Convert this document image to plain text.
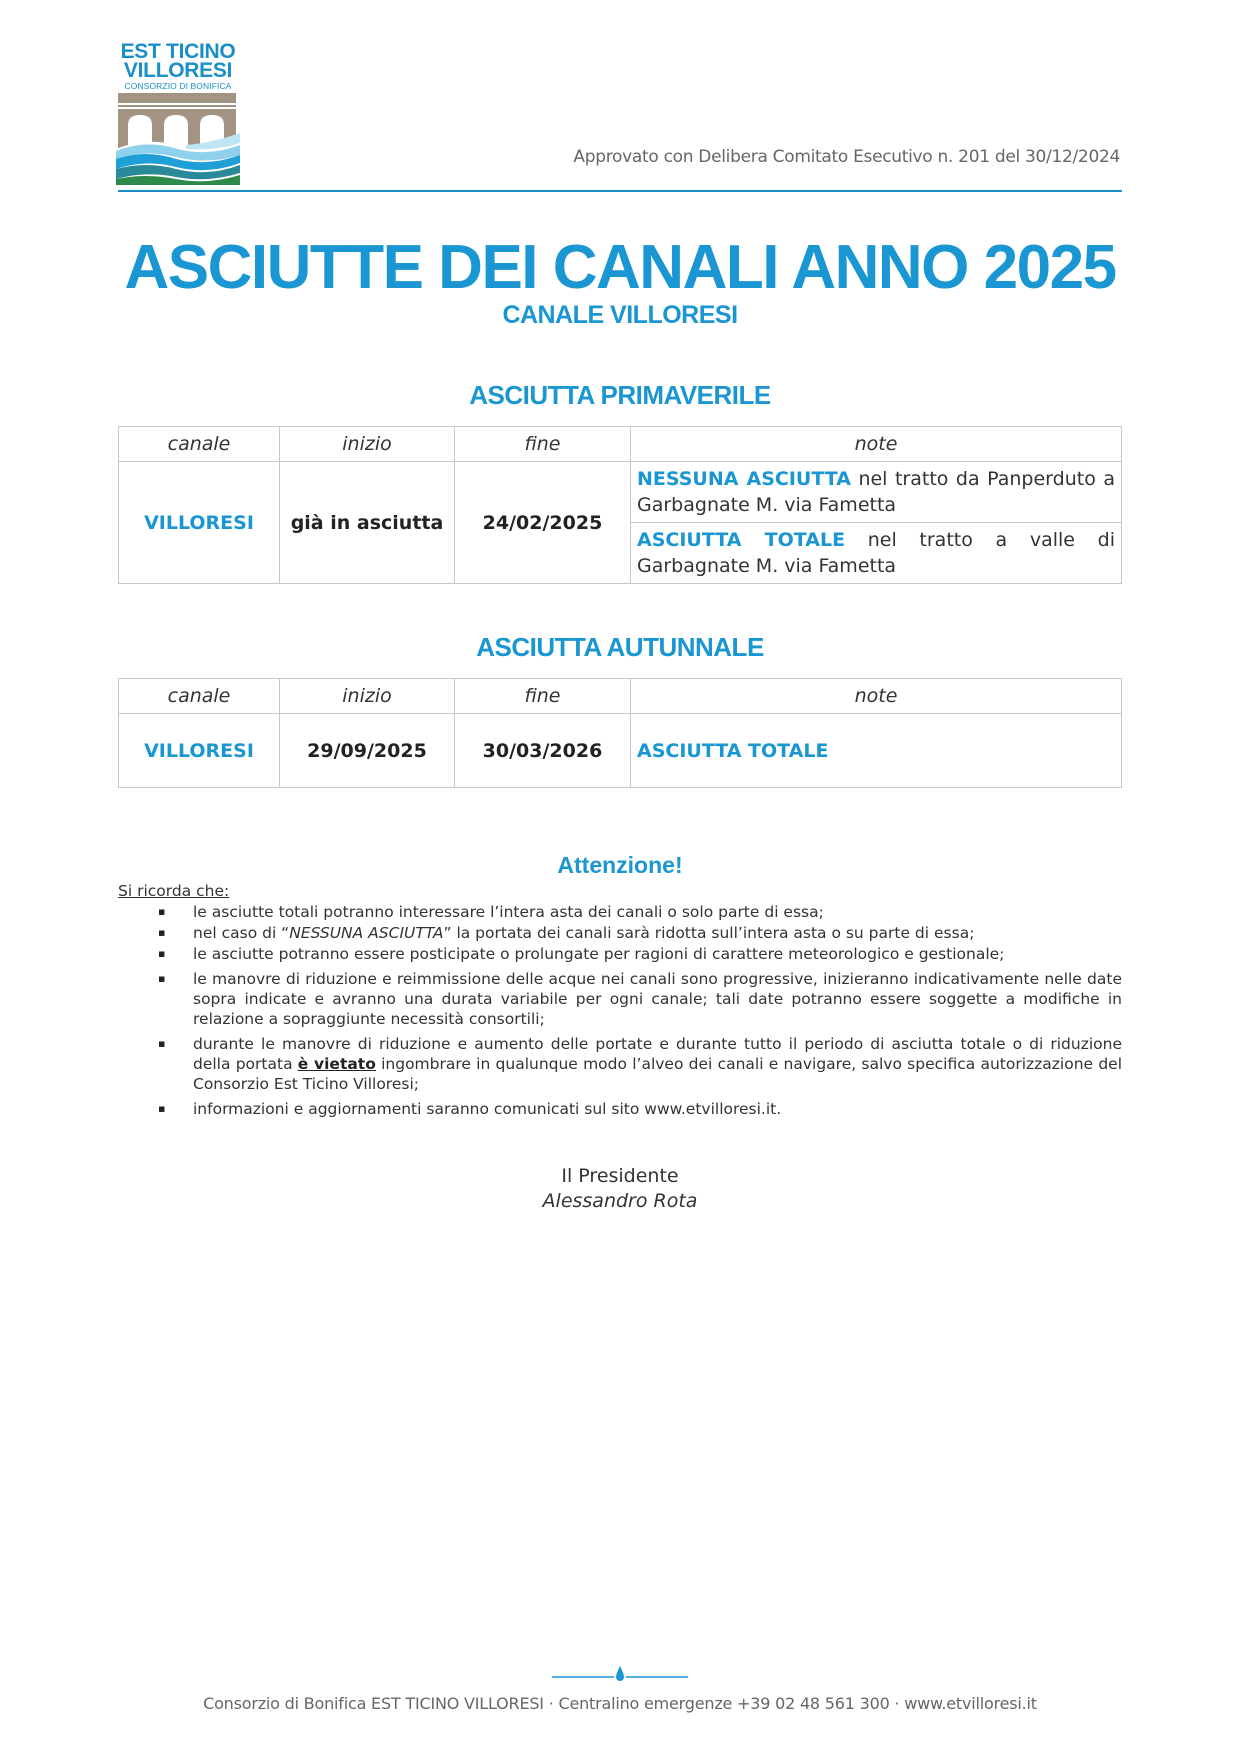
EST TICINO
VILLORESI
CONSORZIO DI BONIFICA
Approvato con Delibera Comitato Esecutivo n. 201 del 30/12/2024
ASCIUTTE DEI CANALI ANNO 2025
CANALE VILLORESI
ASCIUTTA PRIMAVERILE
canale	inizio	fine	note
VILLORESI	già in asciutta	24/02/2025	NESSUNA ASCIUTTA nel tratto da Panperduto a Garbagnate M. via Fametta
			ASCIUTTA TOTALE nel tratto a valle di Garbagnate M. via Fametta
ASCIUTTA AUTUNNALE
canale	inizio	fine	note
VILLORESI	29/09/2025	30/03/2026	ASCIUTTA TOTALE
Attenzione!
Si ricorda che:
▪ le asciutte totali potranno interessare l’intera asta dei canali o solo parte di essa;
▪ nel caso di “NESSUNA ASCIUTTA” la portata dei canali sarà ridotta sull’intera asta o su parte di essa;
▪ le asciutte potranno essere posticipate o prolungate per ragioni di carattere meteorologico e gestionale;
▪ le manovre di riduzione e reimmissione delle acque nei canali sono progressive, inizieranno indicativamente nelle date sopra indicate e avranno una durata variabile per ogni canale; tali date potranno essere soggette a modifiche in relazione a sopraggiunte necessità consortili;
▪ durante le manovre di riduzione e aumento delle portate e durante tutto il periodo di asciutta totale o di riduzione della portata è vietato ingombrare in qualunque modo l’alveo dei canali e navigare, salvo specifica autorizzazione del Consorzio Est Ticino Villoresi;
▪ informazioni e aggiornamenti saranno comunicati sul sito www.etvilloresi.it.
Il Presidente
Alessandro Rota
Consorzio di Bonifica EST TICINO VILLORESI · Centralino emergenze +39 02 48 561 300 · www.etvilloresi.it
